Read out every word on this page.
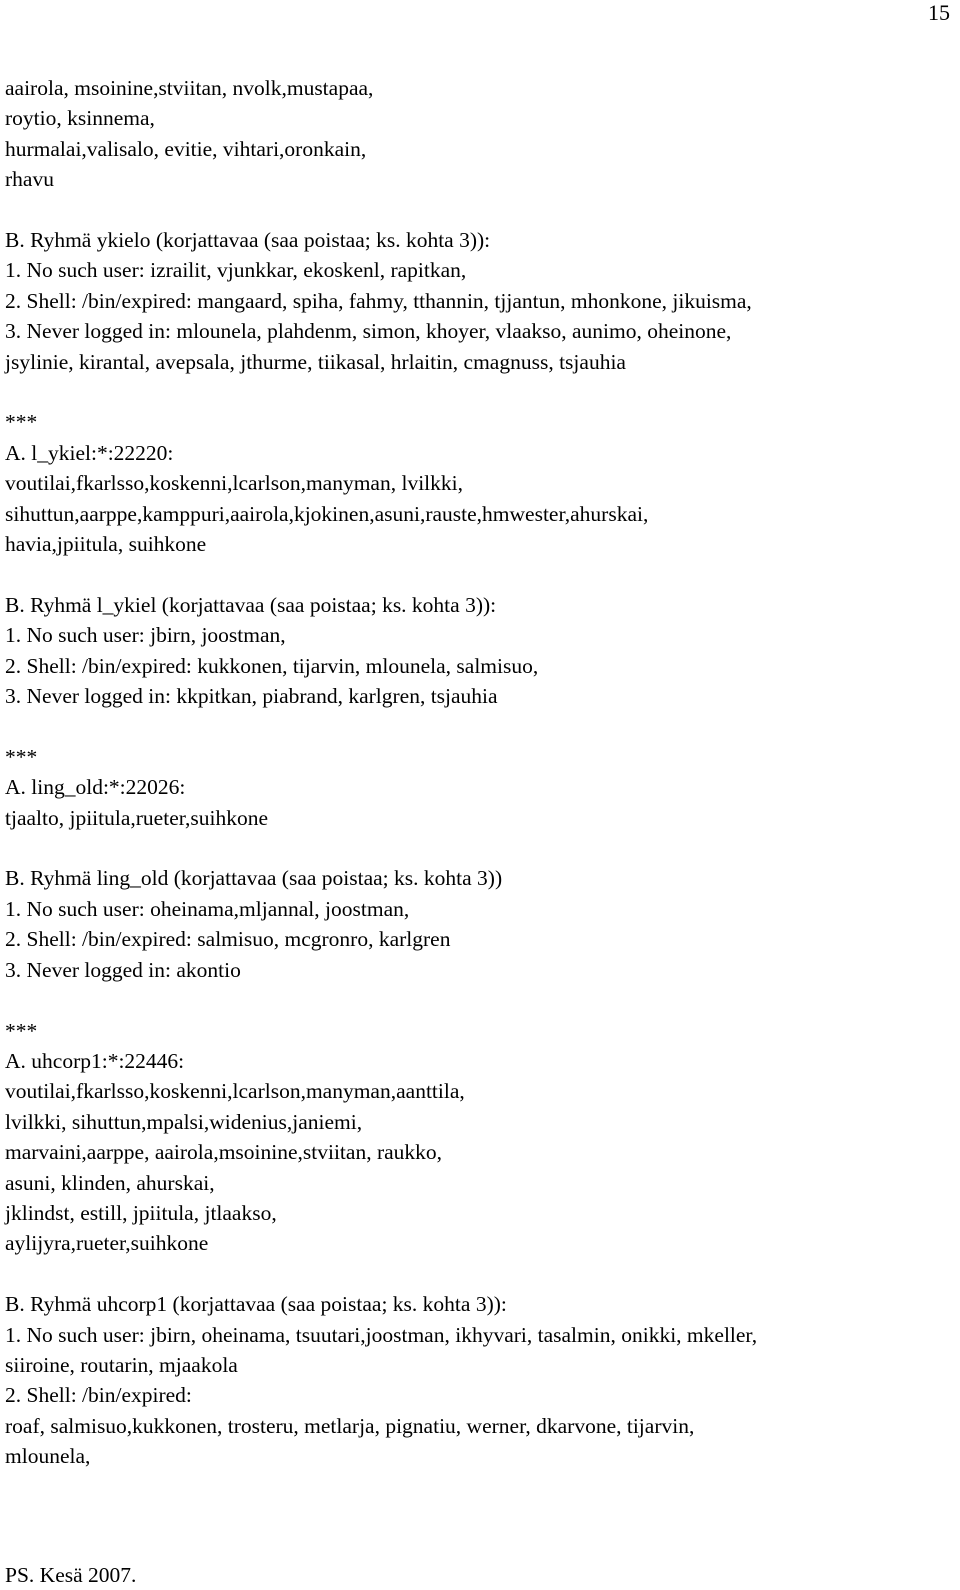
15
aairola, msoinine,stviitan, nvolk,mustapaa,
roytio, ksinnema,
hurmalai,valisalo, evitie, vihtari,oronkain,
rhavu
B. Ryhmä ykielo (korjattavaa (saa poistaa; ks. kohta 3)):
1. No such user: izrailit, vjunkkar, ekoskenl, rapitkan,
2. Shell: /bin/expired: mangaard, spiha, fahmy, tthannin, tjjantun, mhonkone, jikuisma,
3. Never logged in: mlounela, plahdenm, simon, khoyer, vlaakso, aunimo, oheinone,
jsylinie, kirantal, avepsala, jthurme, tiikasal, hrlaitin, cmagnuss, tsjauhia
***
A. l_ykiel:*:22220:
voutilai,fkarlsso,koskenni,lcarlson,manyman, lvilkki,
sihuttun,aarppe,kamppuri,aairola,kjokinen,asuni,rauste,hmwester,ahurskai,
havia,jpiitula, suihkone
B. Ryhmä l_ykiel (korjattavaa (saa poistaa; ks. kohta 3)):
1. No such user: jbirn, joostman,
2. Shell: /bin/expired: kukkonen, tijarvin, mlounela, salmisuo,
3. Never logged in: kkpitkan, piabrand, karlgren, tsjauhia
***
A. ling_old:*:22026:
tjaalto, jpiitula,rueter,suihkone
B. Ryhmä ling_old (korjattavaa (saa poistaa; ks. kohta 3))
1. No such user: oheinama,mljannal, joostman,
2. Shell: /bin/expired: salmisuo, mcgronro, karlgren
3. Never logged in: akontio
***
A. uhcorp1:*:22446:
voutilai,fkarlsso,koskenni,lcarlson,manyman,aanttila,
lvilkki, sihuttun,mpalsi,widenius,janiemi,
marvaini,aarppe, aairola,msoinine,stviitan, raukko,
asuni, klinden, ahurskai,
jklindst, estill, jpiitula, jtlaakso,
aylijyra,rueter,suihkone
B. Ryhmä uhcorp1 (korjattavaa (saa poistaa; ks. kohta 3)):
1. No such user: jbirn, oheinama, tsuutari,joostman, ikhyvari, tasalmin, onikki, mkeller,
siiroine, routarin, mjaakola
2. Shell: /bin/expired:
roaf, salmisuo,kukkonen, trosteru, metlarja, pignatiu, werner, dkarvone, tijarvin,
mlounela,
PS. Kesä 2007.
